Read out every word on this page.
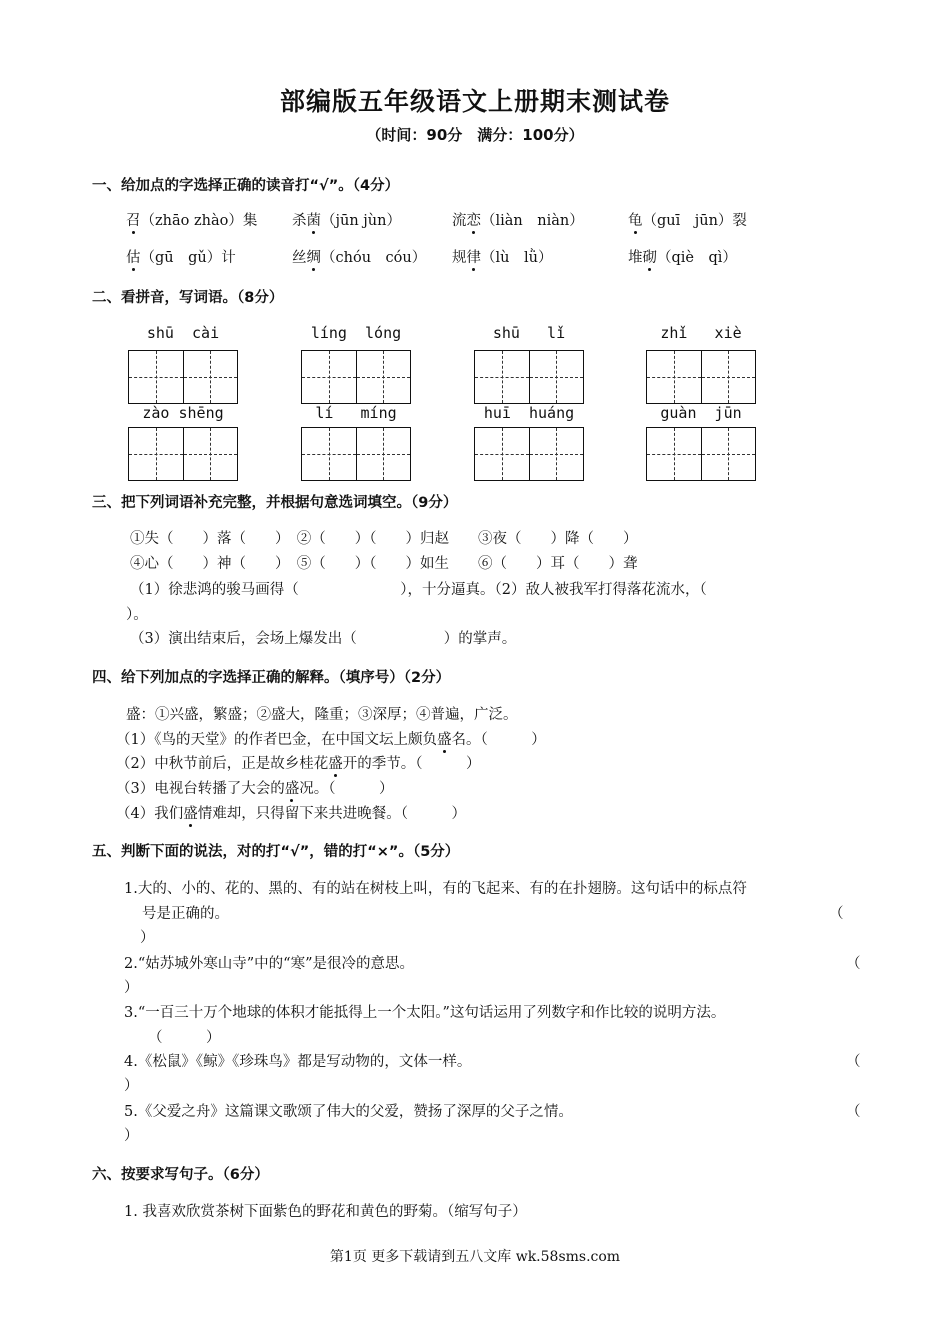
部编版五年级语文上册期末测试卷
（时间：90分　满分：100分）
一、给加点的字选择正确的读音打“√”。（4分）
召（zhāo zhào）集 杀菌（jūn jùn）	流恋（liàn　niàn）	龟（guī　jūn）裂
估（gū　gǔ）计	丝绸（chóu　cóu） 规律（lù　lǜ）	堆砌（qiè　qì）
二、看拼音，写词语。（8分）
shū  cài	líng  lóng	shū   lǐ	zhǐ   xiè
zào shēng	lí   míng	huī  huáng	guàn  jūn
三、把下列词语补充完整，并根据句意选词填空。（9分）
①失（　　）落（　　）　②（　　）（　　）归赵　　③夜（　　）降（　　）
④心（　　）神（　　）　⑤（　　）（　　）如生　　⑥（　　）耳（　　）聋
（1）徐悲鸿的骏马画得（　　　　　　　），十分逼真。（2）敌人被我军打得落花流水，（
）。
（3）演出结束后，会场上爆发出（　　　　　　）的掌声。
四、给下列加点的字选择正确的解释。（填序号）（2分）
盛：①兴盛，繁盛；②盛大，隆重；③深厚；④普遍，广泛。
（1）《鸟的天堂》的作者巴金，在中国文坛上颇负盛名。（　　　）
（2）中秋节前后，正是故乡桂花盛开的季节。（　　　）
（3）电视台转播了大会的盛况。（　　　）
（4）我们盛情难却，只得留下来共进晚餐。（　　　）
五、判断下面的说法，对的打“√”，错的打“×”。（5分）
1.大的、小的、花的、黑的、有的站在树枝上叫，有的飞起来、有的在扑翅膀。这句话中的标点符
号是正确的。	（
）
2.“姑苏城外寒山寺”中的“寒”是很冷的意思。	（
）
3.“一百三十万个地球的体积才能抵得上一个太阳。”这句话运用了列数字和作比较的说明方法。
（　　　）
4.《松鼠》《鲸》《珍珠鸟》都是写动物的，文体一样。	（
）
5.《父爱之舟》这篇课文歌颂了伟大的父爱，赞扬了深厚的父子之情。	（
）
六、按要求写句子。（6分）
1. 我喜欢欣赏茶树下面紫色的野花和黄色的野菊。（缩写句子）
第1页 更多下载请到五八文库 wk.58sms.com
